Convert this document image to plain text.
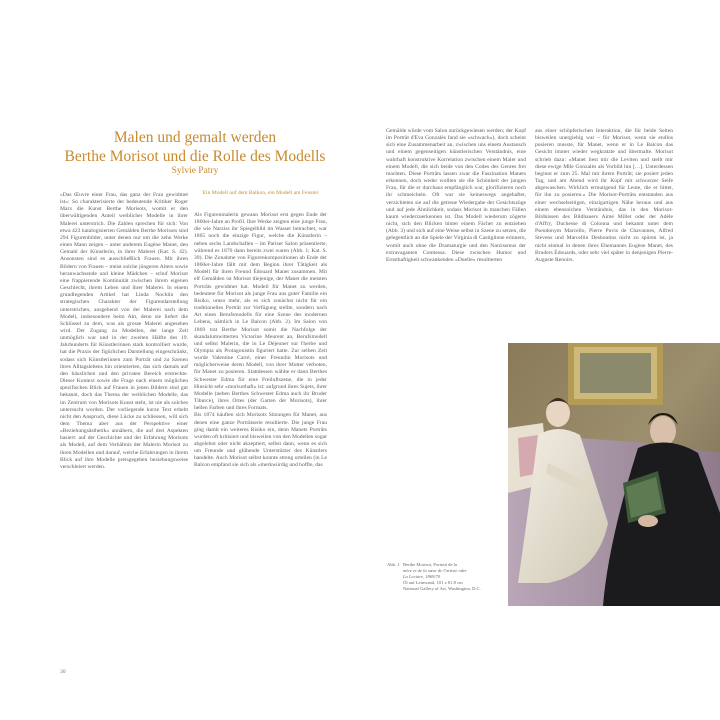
Malen und gemalt werden
Berthe Morisot und die Rolle des Modells
Sylvie Patry

»Das Œuvre einer Frau, das ganz der Frau gewidmet ist«: So charakterisierte der bedeutende Kritiker Roger Marx die Kunst Berthe Morisots, womit er den überwältigenden Anteil weiblicher Modelle in ihrer Malerei unterstrich. Die Zahlen sprechen für sich: Von etwa 423 katalogisierten Gemälden Berthe Morisots sind 294 Figurenbilder, unter denen nur um die zehn Werke einen Mann zeigen – unter anderem Eugène Manet, den Gemahl der Künstlerin, in ihrer Malerei (Kat. S. 42). Ansonsten sind es ausschließlich Frauen. Mit ihren Bildern von Frauen – meist solche jüngeren Alters sowie heranwachsende und kleine Mädchen – schuf Morisot eine frappierende Kontinuität zwischen ihrem eigenen Geschlecht, ihrem Leben und ihrer Malerei. In einem grundlegenden Artikel hat Linda Nochlin den strategischen Charakter der Figurendarstellung unterstrichen, ausgehend von der Malerei nach dem Modell, insbesondere beim Akt, denn sie liefert die Schlüssel zu dem, was als grosse Malerei angesehen wird. Der Zugang zu Modellen, der lange Zeit unmöglich war und in der zweiten Hälfte des 19. Jahrhunderts für Künstlerinnen stark kontrolliert wurde, hat die Praxis der figürlichen Darstellung eingeschränkt, sodass sich Künstlerinnen zum Porträt und zu Szenen ihres Alltagslebens hin orientierten, das sich damals auf den häuslichen und den privaten Bereich erstreckte. Dieser Kontext sowie die Frage nach einem möglichen spezifischen Blick auf Frauen in jenen Bildern sind gut bekannt, doch das Thema der weiblichen Modelle, das im Zentrum von Morisots Kunst steht, ist nie als solches untersucht worden. Der vorliegende kurze Text erhebt nicht den Anspruch, diese Lücke zu schliessen, will sich dem Thema aber aus der Perspektive einer »Beziehungsästhetik« annähern, die auf drei Aspekten basiert: auf der Geschichte und der Erfahrung Morisots als Modell, auf dem Verhältnis der Malerin Morisot zu ihren Modellen und darauf, welche Erfahrungen in ihrem Blick auf ihre Modelle preisgegeben beziehungsweise verschleiert werden.

Ein Modell auf dem Balkon, ein Modell am Fenster

Als Figurenmalerin gewann Morisot erst gegen Ende der 1860er-Jahre an Profil. Ihre Werke zeigten eine junge Frau, die wie Narziss ihr Spiegelbild im Wasser betrachtet, war 1865 noch die einzige Figur, welche die Künstlerin – neben sechs Landschaften – im Pariser Salon präsentierte, während es 1870 dann bereits zwei waren (Abb. 1; Kat. S. 39). Die Zunahme von Figurenkompositionen ab Ende der 1860er-Jahre fällt mit dem Beginn ihrer Tätigkeit als Modell für ihren Freund Édouard Manet zusammen. Mit elf Gemälden ist Morisot diejenige, der Manet die meisten Porträts gewidmet hat. Modell für Manet zu werden, bedeutete für Morisot als junge Frau aus guter Familie ein Risiko, umso mehr, als es sich zunächst nicht für ein traditionelles Porträt zur Verfügung stellte, sondern nach Art eines Berufsmodells für eine Szene des modernen Lebens, nämlich in Le Balcon (Abb. 2). Im Salon von 1869 trat Berthe Morisot somit die Nachfolge der skandalumwitterten Victorine Meurent an, Berufsmodell und selbst Malerin, die in Le Déjeuner sur l'herbe und Olympia als Protagonistin figuriert hatte. Zur selben Zeit wurde Valentine Carré, einer Freundin Morisots und möglicherweise deren Modell, von ihrer Mutter verboten, für Manet zu posieren. Stattdessen wählte er dann Berthes Schwester Edma für eine Freiluftszene, die in jeder Hinsicht sehr »morisothaft« ist: aufgrund ihres Sujets, ihrer Modelle (neben Berthes Schwester Edma auch ihr Bruder Tiburce), ihres Ortes (der Garten der Morisots), ihrer hellen Farben und ihres Formats.

Bis 1874 häuften sich Morisots Sitzungen für Manet, aus denen eine ganze Porträtserie resultierte. Die junge Frau ging damit ein weiteres Risiko ein, denn Manets Porträts wurden oft kritisiert und bisweilen von den Modellen sogar abgelehnt oder nicht akzeptiert, selbst dann, wenn es sich um Freunde und glühende Unterstützer des Künstlers handelte. Auch Morisot selbst konnte streng urteilen (in Le Balcon empfand sie sich als »merkwürdig und hoffte, das

Gemälde würde vom Salon zurückgewiesen werden; der Kopf im Porträt d'Eva Gonzalès fand sie »schwach«), doch scheint sich eine Zusammenarbeit an, zwischen uns einem Austausch und einem gegenseitigen künstlerischen Verständnis, eine wahrhaft konstruktive Korrelation zwischen einem Maler und einem Modell, die sich beide von den Codes des Genres frei machten. Diese Porträts lassen zwar die Faszination Manets erkennen, doch weder wollten sie die Schönheit der jungen Frau, für die er durchaus empfänglich war, glorifizieren noch ihr schmeicheln. Oft war sie keineswegs angehaftet, verzichteten sie auf die getreue Wiedergabe der Gesichtszüge und auf jede Ähnlichkeit, sodass Morisot in manchen Fällen kaum wiederzuerkennen ist. Das Modell wiederum zögerte nicht, sich den Blicken hinter einem Fächer zu entziehen (Abb. 3) und sich auf eine Weise selbst in Szene zu setzen, die gelegentlich an die Spiele der Virginia di Castiglione erinnern, womit auch ohne die Dramaturgie und den Narzissmus der extravaganten Comtessa. Diese zwischen Humor und Ernsthaftigkeit schwankenden »Duelle« resultierten

aus einer schöpferischen Interaktion, die für beide Seiten bisweilen unergiebig war – für Morisot, wenn sie endlos posieren musste, für Manet, wenn er in Le Balcon das Gesicht immer wieder wegkratzte und übermalte. Morisot schrieb dazu: »Manet liest mir die Leviten und stellt mir diese ewige Mlle Gonzalès als Vorbild hin […]. Unterdessen beginnt er zum 25. Mal mit ihrem Porträt; sie posiert jeden Tag, und am Abend wird ihr Kopf mit schwarzer Seife abgewaschen. Wirklich ermutigend für Leute, die er bittet, für ihn zu posieren.« Die Morisot-Porträts entstanden aus einer wechselseitigen, einzigartigen Nähe heraus und aus einem ebensolchen Verständnis, das in den Morisot-Bildnissen des Bildhauers Aimé Millet oder der Adèle d'Affry, Duchesse di Colonna und bekannt unter dem Pseudonym Marcello, Pierre Puvis de Chavannes, Alfred Stevens und Marcellin Desboutins nicht zu spüren ist, ja nicht einmal in denen ihres Ehemannes Eugène Manet, des Bruders Édouards, oder sehr viel später in denjenigen Pierre-Auguste Renoirs.

30
Abb. 1 Berthe Morisot, Portrait de la
mère et de la sœur de l'artiste oder
La Lecture, 1869/70
Öl auf Leinwand, 101 x 81,8 cm
National Gallery of Art, Washington, D.C.
